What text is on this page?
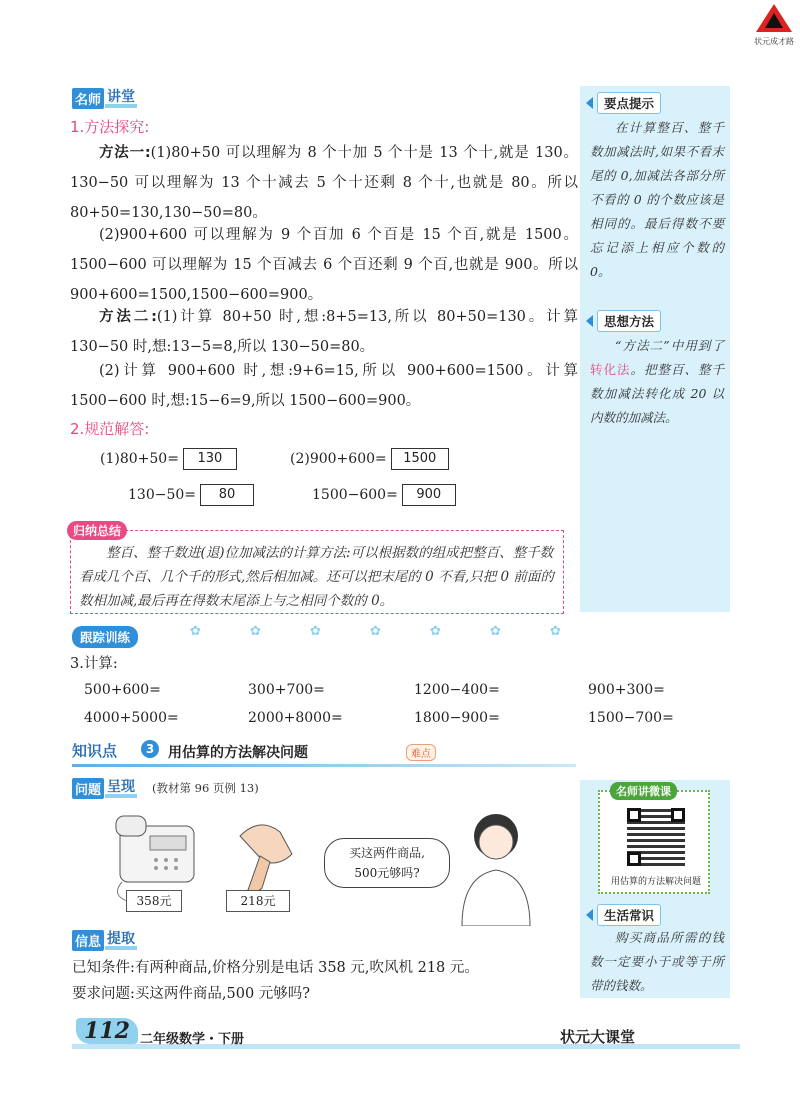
状元成才路
要点提示
在计算整百、整千数加减法时,如果不看末尾的 0,加减法各部分所不看的 0 的个数应该是相同的。最后得数不要忘记添上相应个数的 0。
思想方法
“方法二”中用到了转化法。把整百、整千数加减法转化成 20 以内数的加减法。
生活常识
购买商品所需的钱数一定要小于或等于所带的钱数。
名师讲微课
用估算的方法解决问题
名师 讲堂
1.方法探究:
方法一:(1)80+50 可以理解为 8 个十加 5 个十是 13 个十,就是 130。130−50 可以理解为 13 个十减去 5 个十还剩 8 个十,也就是 80。所以 80+50=130,130−50=80。
(2)900+600 可以理解为 9 个百加 6 个百是 15 个百,就是 1500。1500−600 可以理解为 15 个百减去 6 个百还剩 9 个百,也就是 900。所以 900+600=1500,1500−600=900。
方法二:(1)计算 80+50 时,想:8+5=13,所以 80+50=130。计算 130−50 时,想:13−5=8,所以 130−50=80。
(2)计算 900+600 时,想:9+6=15,所以 900+600=1500。计算 1500−600 时,想:15−6=9,所以 1500−600=900。
2.规范解答:
(1)80+50=	130	(2)900+600=	1500
130−50=	80	1500−600=	900
归纳总结
整百、整千数进(退)位加减法的计算方法:可以根据数的组成把整百、整千数看成几个百、几个千的形式,然后相加减。还可以把末尾的 0 不看,只把 0 前面的数相加减,最后再在得数末尾添上与之相同个数的 0。
跟踪训练	✿	✿	✿	✿	✿	✿	✿
3.计算:
500+600=	300+700=	1200−400=	900+300=
4000+5000=	2000+8000=	1800−900=	1500−700=
知识点	3 用估算的方法解决问题	难点
问题 呈现 (教材第 96 页例 13)
358元	218元
买这两件商品,
500元够吗?
信息 提取
已知条件:有两种商品,价格分别是电话 358 元,吹风机 218 元。
要求问题:买这两件商品,500 元够吗?
112 二年级数学・下册	状元大课堂
